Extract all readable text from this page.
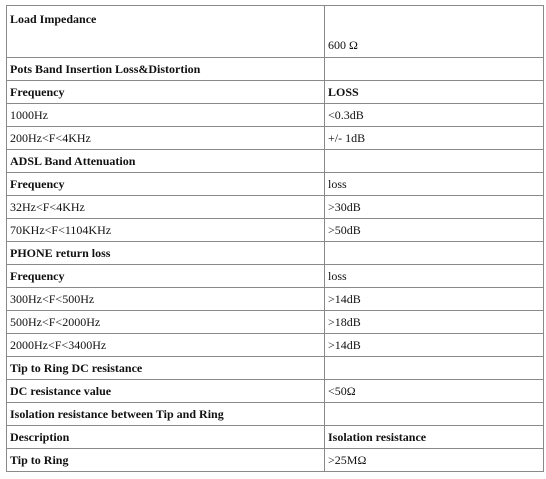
Load Impedance	600 Ω
Pots Band Insertion Loss&Distortion	
Frequency	LOSS
1000Hz	<0.3dB
200Hz<F<4KHz	+/- 1dB
ADSL Band Attenuation	
Frequency	loss
32Hz<F<4KHz	>30dB
70KHz<F<1104KHz	>50dB
PHONE return loss	
Frequency	loss
300Hz<F<500Hz	>14dB
500Hz<F<2000Hz	>18dB
2000Hz<F<3400Hz	>14dB
Tip to Ring DC resistance	
DC resistance value	<50Ω
Isolation resistance between Tip and Ring	
Description	Isolation resistance
Tip to Ring	>25MΩ
